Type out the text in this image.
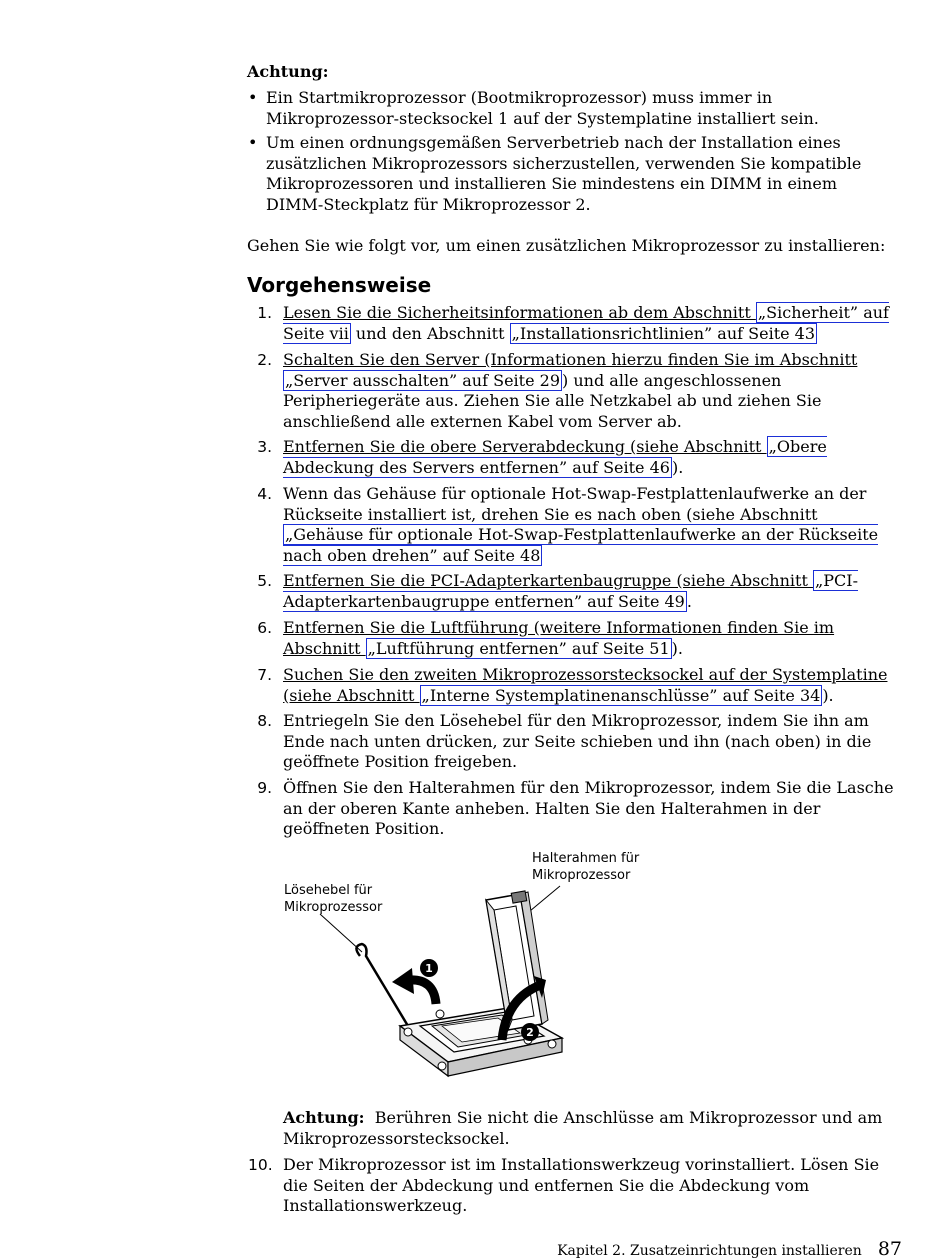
Achtung:
• Ein Startmikroprozessor (Bootmikroprozessor) muss immer in Mikroprozessor-stecksockel 1 auf der Systemplatine installiert sein.
• Um einen ordnungsgemäßen Serverbetrieb nach der Installation eines zusätzlichen Mikroprozessors sicherzustellen, verwenden Sie kompatible Mikroprozessoren und installieren Sie mindestens ein DIMM in einem DIMM-Steckplatz für Mikroprozessor 2.
Gehen Sie wie folgt vor, um einen zusätzlichen Mikroprozessor zu installieren:
Vorgehensweise
1. Lesen Sie die Sicherheitsinformationen ab dem Abschnitt „Sicherheit” auf Seite vii und den Abschnitt „Installationsrichtlinien” auf Seite 43
2. Schalten Sie den Server (Informationen hierzu finden Sie im Abschnitt „Server ausschalten” auf Seite 29 ) und alle angeschlossenen Peripheriegeräte aus. Ziehen Sie alle Netzkabel ab und ziehen Sie anschließend alle externen Kabel vom Server ab.
3. Entfernen Sie die obere Serverabdeckung (siehe Abschnitt „Obere Abdeckung des Servers entfernen” auf Seite 46 ).
4. Wenn das Gehäuse für optionale Hot-Swap-Festplattenlaufwerke an der Rückseite installiert ist, drehen Sie es nach oben (siehe Abschnitt „Gehäuse für optionale Hot-Swap-Festplattenlaufwerke an der Rückseite nach oben drehen” auf Seite 48
5. Entfernen Sie die PCI-Adapterkartenbaugruppe (siehe Abschnitt „PCI-Adapterkartenbaugruppe entfernen” auf Seite 49 .
6. Entfernen Sie die Luftführung (weitere Informationen finden Sie im Abschnitt „Luftführung entfernen” auf Seite 51 ).
7. Suchen Sie den zweiten Mikroprozessorstecksockel auf der Systemplatine (siehe Abschnitt „Interne Systemplatinenanschlüsse” auf Seite 34 ).
8. Entriegeln Sie den Lösehebel für den Mikroprozessor, indem Sie ihn am Ende nach unten drücken, zur Seite schieben und ihn (nach oben) in die geöffnete Position freigeben.
9. Öffnen Sie den Halterahmen für den Mikroprozessor, indem Sie die Lasche an der oberen Kante anheben. Halten Sie den Halterahmen in der geöffneten Position.
1
2
Halterahmen für Mikroprozessor
Lösehebel für Mikroprozessor
Achtung: Berühren Sie nicht die Anschlüsse am Mikroprozessor und am Mikroprozessorstecksockel.
10. Der Mikroprozessor ist im Installationswerkzeug vorinstalliert. Lösen Sie die Seiten der Abdeckung und entfernen Sie die Abdeckung vom Installationswerkzeug.
Kapitel 2. Zusatzeinrichtungen installieren 87
